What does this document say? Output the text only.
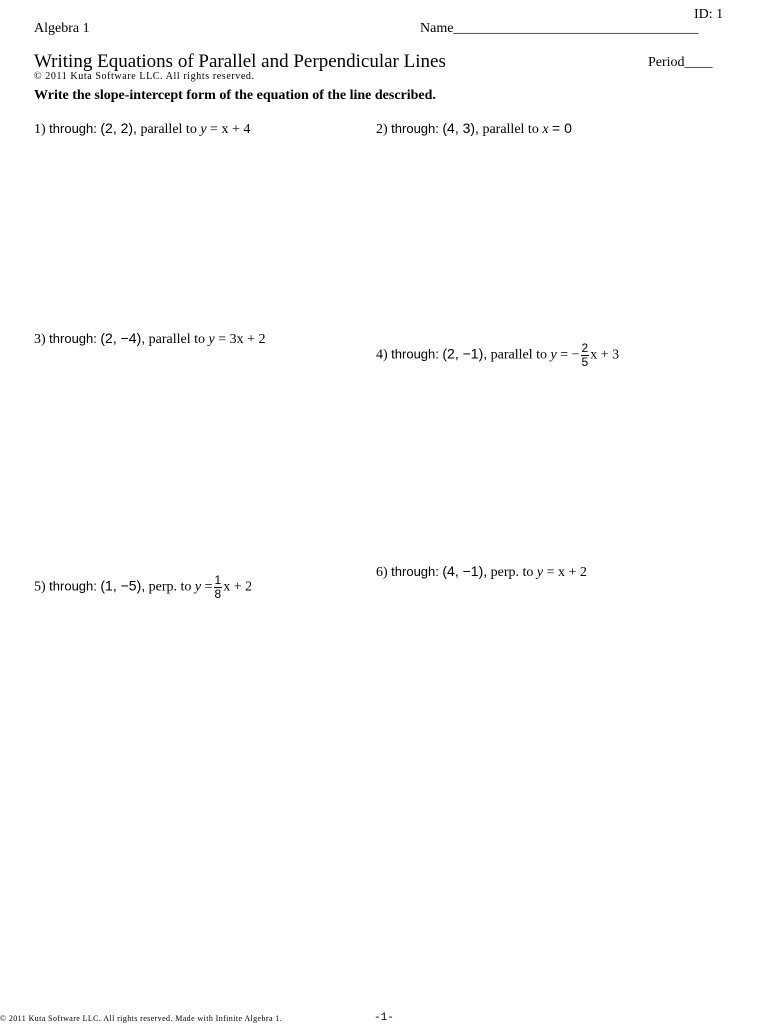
ID: 1
Algebra 1	Name___________________________________
Writing Equations of Parallel and Perpendicular Lines	Period____
© 2011 Kuta Software LLC. All rights reserved.
Write the slope-intercept form of the equation of the line described.
1) through: (2, 2), parallel to y = x + 4	2) through: (4, 3), parallel to x = 0
3) through: (2, −4), parallel to y = 3x + 2
4) through: (2, −1), parallel to y = − $\frac{2}{5}$ x + 3
5) through: (1, −5), perp. to $y = \frac{1}{8}$ x + 2
6) through: (4, −1), perp. to y = x + 2
© 2011 Kuta Software LLC. All rights reserved. Made with Infinite Algebra 1.	-1-
